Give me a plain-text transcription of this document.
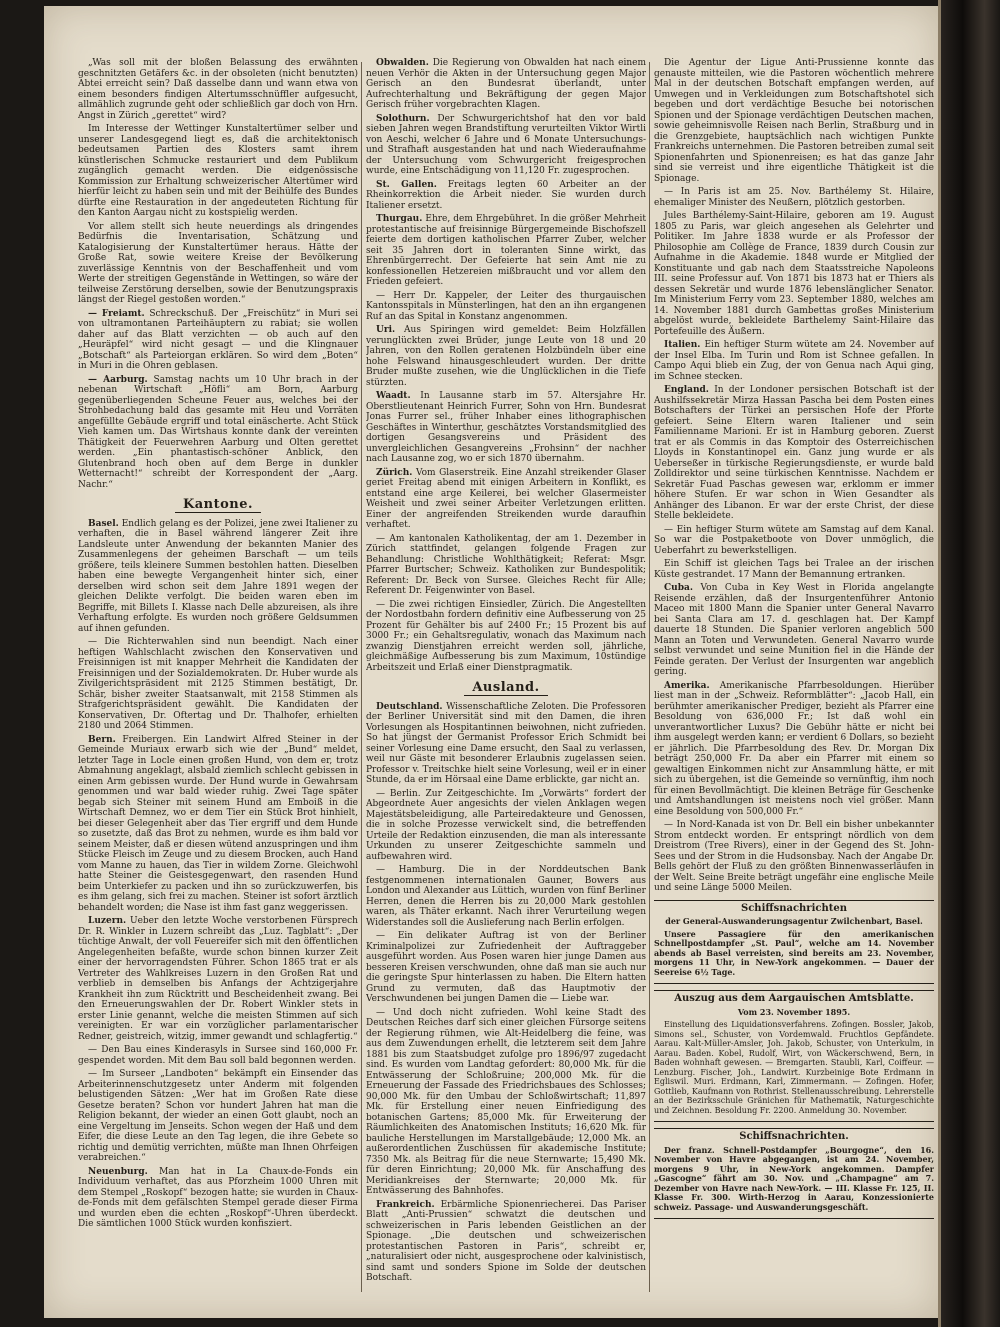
„Was soll mit der bloßen Belassung des erwähnten geschnitzten Getäfers &c. in der obsoleten (nicht benutzten) Abtei erreicht sein? Daß dasselbe dann und wann etwa von einem besonders findigen Altertumsschnüffler aufgesucht, allmählich zugrunde geht oder schließlich gar doch von Hrn. Angst in Zürich „gerettet“ wird?

Im Interesse der Wettinger Kunstaltertümer selber und unserer Landesgegend liegt es, daß die architektonisch bedeutsamen Partien des Klosters samt ihrem künstlerischen Schmucke restauriert und dem Publikum zugänglich gemacht werden. Die eidgenössische Kommission zur Erhaltung schweizerischer Altertümer wird hierfür leicht zu haben sein und mit der Beihülfe des Bundes dürfte eine Restauration in der angedeuteten Richtung für den Kanton Aargau nicht zu kostspielig werden.

Vor allem stellt sich heute neuerdings als dringendes Bedürfnis die Inventarisation, Schätzung und Katalogisierung der Kunstaltertümer heraus. Hätte der Große Rat, sowie weitere Kreise der Bevölkerung zuverlässige Kenntnis von der Beschaffenheit und vom Werte der streitigen Gegenstände in Wettingen, so wäre der teilweise Zerstörung derselben, sowie der Benutzungspraxis längst der Riegel gestoßen worden.“

— Freiamt. Schreckschuß. Der „Freischütz“ in Muri sei von ultramontanen Parteihäuptern zu rabiat; sie wollen daher auf das Blatt verzichten — ob auch auf den „Heuräpfel“ wird nicht gesagt — und die Klingnauer „Botschaft“ als Parteiorgan erklären. So wird dem „Boten“ in Muri in die Ohren geblasen.

— Aarburg. Samstag nachts um 10 Uhr brach in der nebenan Wirtschaft „Höfli“ am Born, Aarburg gegenüberliegenden Scheune Feuer aus, welches bei der Strohbedachung bald das gesamte mit Heu und Vorräten angefüllte Gebäude ergriff und total einäscherte. Acht Stück Vieh kamen um. Das Wirtshaus konnte dank der vereinten Thätigkeit der Feuerwehren Aarburg und Olten gerettet werden. „Ein phantastisch-schöner Anblick, den Glutenbrand hoch oben auf dem Berge in dunkler Wetternacht!“ schreibt der Korrespondent der „Aarg. Nachr.“

Kantone.

Basel. Endlich gelang es der Polizei, jene zwei Italiener zu verhaften, die in Basel während längerer Zeit ihre Landsleute unter Anwendung der bekannten Manier des Zusammenlegens der geheimen Barschaft — um teils größere, teils kleinere Summen bestohlen hatten. Dieselben haben eine bewegte Vergangenheit hinter sich, einer derselben wird schon seit dem Jahre 1891 wegen der gleichen Delikte verfolgt. Die beiden waren eben im Begriffe, mit Billets I. Klasse nach Delle abzureisen, als ihre Verhaftung erfolgte. Es wurden noch größere Geldsummen auf ihnen gefunden.

— Die Richterwahlen sind nun beendigt. Nach einer heftigen Wahlschlacht zwischen den Konservativen und Freisinnigen ist mit knapper Mehrheit die Kandidaten der Freisinnigen und der Sozialdemokraten. Dr. Huber wurde als Zivilgerichtspräsident mit 2125 Stimmen bestätigt, Dr. Schär, bisher zweiter Staatsanwalt, mit 2158 Stimmen als Strafgerichtspräsident gewählt. Die Kandidaten der Konservativen, Dr. Oftertag und Dr. Thalhofer, erhielten 2180 und 2064 Stimmen.

Bern. Freibergen. Ein Landwirt Alfred Steiner in der Gemeinde Muriaux erwarb sich wie der „Bund“ meldet, letzter Tage in Locle einen großen Hund, von dem er, trotz Abmahnung angeklagt, alsbald ziemlich schlecht gebissen in einen Arm gebissen wurde. Der Hund wurde in Gewahrsam genommen und war bald wieder ruhig. Zwei Tage später begab sich Steiner mit seinem Hund am Emboiß in die Wirtschaft Demnez, wo er dem Tier ein Stück Brot hinhielt, bei dieser Gelegenheit aber das Tier ergriff und dem Hunde so zusetzte, daß das Brot zu nehmen, wurde es ihm bald vor seinem Meister, daß er diesen wütend anzuspringen und ihm Stücke Fleisch im Zeuge und zu diesem Brocken, auch Hand vom Manne zu hauen, das Tier in wildem Zorne. Gleichwohl hatte Steiner die Geistesgegenwart, den rasenden Hund beim Unterkiefer zu packen und ihn so zurückzuwerfen, bis es ihm gelang, sich frei zu machen. Steiner ist sofort ärztlich behandelt worden; die Nase ist ihm fast ganz weggerissen.

Luzern. Ueber den letzte Woche verstorbenen Fürsprech Dr. R. Winkler in Luzern schreibt das „Luz. Tagblatt“: „Der tüchtige Anwalt, der voll Feuereifer sich mit den öffentlichen Angelegenheiten befaßte, wurde schon binnen kurzer Zeit einer der hervorragendsten Führer. Schon 1865 trat er als Vertreter des Wahlkreises Luzern in den Großen Rat und verblieb in demselben bis Anfangs der Achtzigerjahre Krankheit ihn zum Rücktritt und Bescheidenheit zwang. Bei den Erneuerungswahlen der Dr. Robert Winkler stets in erster Linie genannt, welche die meisten Stimmen auf sich vereinigten. Er war ein vorzüglicher parlamentarischer Redner, geistreich, witzig, immer gewandt und schlagfertig.“

— Den Bau eines Kinderasyls in Sursee sind 160,000 Fr. gespendet worden. Mit dem Bau soll bald begonnen werden.

— Im Surseer „Landboten“ bekämpft ein Einsender das Arbeiterinnenschutzgesetz unter Anderm mit folgenden belustigenden Sätzen: „Wer hat im Großen Rate diese Gesetze beraten? Schon vor hundert Jahren hat man die Religion bekannt, der wieder an einen Gott glaubt, noch an eine Vergeltung im Jenseits. Schon wegen der Haß und dem Eifer, die diese Leute an den Tag legen, die ihre Gebete so richtig und demütig verrichten, müßte man Ihnen Ohrfeigen verabreichen.“

Neuenburg. Man hat in La Chaux-de-Fonds ein Individuum verhaftet, das aus Pforzheim 1000 Uhren mit dem Stempel „Roskopf“ bezogen hatte; sie wurden in Chaux-de-Fonds mit dem gefälschten Stempel gerade dieser Firma und wurden eben die echten „Roskopf“-Uhren überdeckt. Die sämtlichen 1000 Stück wurden konfisziert.

Obwalden. Die Regierung von Obwalden hat nach einem neuen Verhör die Akten in der Untersuchung gegen Major Gerisch an den Bundesrat überlandt, unter Aufrechterhaltung und Bekräftigung der gegen Major Gerisch früher vorgebrachten Klagen.

Solothurn. Der Schwurgerichtshof hat den vor bald sieben Jahren wegen Brandstiftung verurteilten Viktor Wirtli von Aeschi, welcher 6 Jahre und 6 Monate Untersuchungs- und Strafhaft ausgestanden hat und nach Wiederaufnahme der Untersuchung vom Schwurgericht freigesprochen wurde, eine Entschädigung von 11,120 Fr. zugesprochen.

St. Gallen. Freitags legten 60 Arbeiter an der Rheinkorrektion die Arbeit nieder. Sie wurden durch Italiener ersetzt.

Thurgau. Ehre, dem Ehrgebühret. In die größer Mehrheit protestantische auf freisinnige Bürgergemeinde Bischofszell feierte dem dortigen katholischen Pfarrer Zuber, welcher seit 35 Jahren dort in toleranten Sinne wirkt, das Ehrenbürgerrecht. Der Gefeierte hat sein Amt nie zu konfessionellen Hetzereien mißbraucht und vor allem den Frieden gefeiert.

— Herr Dr. Kappeler, der Leiter des thurgauischen Kantonsspitals in Münsterlingen, hat den an ihn ergangenen Ruf an das Spital in Konstanz angenommen.

Uri. Aus Spiringen wird gemeldet: Beim Holzfällen verunglückten zwei Brüder, junge Leute von 18 und 20 Jahren, von den Rollen geratenen Holzbündeln über eine hohe Felswand hinausgeschleudert wurden. Der dritte Bruder mußte zusehen, wie die Unglücklichen in die Tiefe stürzten.

Waadt. In Lausanne starb im 57. Altersjahre Hr. Oberstlieutenant Heinrich Furrer, Sohn von Hrn. Bundesrat Jonas Furrer sel., früher Inhaber eines lithographischen Geschäftes in Winterthur, geschätztes Vorstandsmitglied des dortigen Gesangsvereins und Präsident des unvergleichlichen Gesangvereins „Frohsinn“ der nachher nach Lausanne zog, wo er sich 1870 übernahm.

Zürich. Vom Glaserstreik. Eine Anzahl streikender Glaser geriet Freitag abend mit einigen Arbeitern in Konflikt, es entstand eine arge Keilerei, bei welcher Glasermeister Weisheit und zwei seiner Arbeiter Verletzungen erlitten. Einer der angreifenden Streikenden wurde daraufhin verhaftet.

— Am kantonalen Katholikentag, der am 1. Dezember in Zürich stattfindet, gelangen folgende Fragen zur Behandlung: Christliche Wohlthätigkeit; Referat: Msgr. Pfarrer Burtscher; Schweiz. Katholiken zur Bundespolitik; Referent: Dr. Beck von Sursee. Gleiches Recht für Alle; Referent Dr. Feigenwinter von Basel.

— Die zwei richtigen Einsiedler, Zürich. Die Angestellten der Nordostbahn fordern definitiv eine Aufbesserung von 25 Prozent für Gehälter bis auf 2400 Fr.; 15 Prozent bis auf 3000 Fr.; ein Gehaltsregulativ, wonach das Maximum nach zwanzig Dienstjahren erreicht werden soll, jährliche, gleichmäßige Aufbesserung bis zum Maximum, 10stündige Arbeitszeit und Erlaß einer Dienstpragmatik.

Ausland.

Deutschland. Wissenschaftliche Zeloten. Die Professoren der Berliner Universität sind mit den Damen, die ihren Vorlesungen als Hospitantinnen beiwohnen, nicht zufrieden. So hat jüngst der Germanist Professor Erich Schmidt bei seiner Vorlesung eine Dame ersucht, den Saal zu verlassen, weil nur Gäste mit besonderer Erlaubnis zugelassen seien. Professor v. Treitschke hielt seine Vorlesung, weil er in einer Stunde, da er im Hörsaal eine Dame erblickte, gar nicht an.

— Berlin. Zur Zeitgeschichte. Im „Vorwärts“ fordert der Abgeordnete Auer angesichts der vielen Anklagen wegen Majestätsbeleidigung, alle Parteiredakteure und Genossen, die in solche Prozesse verwickelt sind, die betreffenden Urteile der Redaktion einzusenden, die man als interessante Urkunden zu unserer Zeitgeschichte sammeln und aufbewahren wird.

— Hamburg. Die in der Norddeutschen Bank festgenommenen internationalen Gauner, Bowers aus London und Alexander aus Lüttich, wurden von fünf Berliner Herren, denen die Herren bis zu 20,000 Mark gestohlen waren, als Thäter erkannt. Nach ihrer Verurteilung wegen Widerstandes soll die Auslieferung nach Berlin erfolgen.

— Ein delikater Auftrag ist von der Berliner Kriminalpolizei zur Zufriedenheit der Auftraggeber ausgeführt worden. Aus Posen waren hier junge Damen aus besseren Kreisen verschwunden, ohne daß man sie auch nur die geringste Spur hinterlassen zu haben. Die Eltern hatten Grund zu vermuten, daß das Hauptmotiv der Verschwundenen bei jungen Damen die — Liebe war.

— Und doch nicht zufrieden. Wohl keine Stadt des Deutschen Reiches darf sich einer gleichen Fürsorge seitens der Regierung rühmen, wie Alt-Heidelberg die feine, was aus dem Zuwendungen erhellt, die letzterem seit dem Jahre 1881 bis zum Staatsbudget zufolge pro 1896/97 zugedacht sind. Es wurden vom Landtag gefordert: 80,000 Mk. für die Entwässerung der Schloßruine; 200,000 Mk. für die Erneuerung der Fassade des Friedrichsbaues des Schlosses; 90,000 Mk. für den Umbau der Schloßwirtschaft; 11,897 Mk. für Erstellung einer neuen Einfriedigung des botanischen Gartens; 85,000 Mk. für Erweiterung der Räumlichkeiten des Anatomischen Instituts; 16,620 Mk. für bauliche Herstellungen im Marstallgebäude; 12,000 Mk. an außerordentlichen Zuschüssen für akademische Institute; 7350 Mk. als Beitrag für die neue Sternwarte; 15,490 Mk. für deren Einrichtung; 20,000 Mk. für Anschaffung des Meridiankreises der Sternwarte; 20,000 Mk. für Entwässerung des Bahnhofes.

Frankreich. Erbärmliche Spionenriecherei. Das Pariser Blatt „Anti-Prussien“ schwatzt die deutschen und schweizerischen in Paris lebenden Geistlichen an der Spionage. „Die deutschen und schweizerischen protestantischen Pastoren in Paris“, schreibt er, „naturalisiert oder nicht, ausgesprochene oder kalvinistisch, sind samt und sonders Spione im Solde der deutschen Botschaft.

Die Agentur der Ligue Anti-Prussienne konnte das genauste mitteilen, wie die Pastoren wöchentlich mehrere Mal in der deutschen Botschaft empfangen werden, auf Umwegen und in Verkleidungen zum Botschaftshotel sich begeben und dort verdächtige Besuche bei notorischen Spionen und der Spionage verdächtigen Deutschen machen, sowie geheimnisvolle Reisen nach Berlin, Straßburg und in die Grenzgebiete, hauptsächlich nach wichtigen Punkte Frankreichs unternehmen. Die Pastoren betreiben zumal seit Spionenfahrten und Spionenreisen; es hat das ganze Jahr sind sie verreist und ihre eigentliche Thätigkeit ist die Spionage.

— In Paris ist am 25. Nov. Barthélemy St. Hilaire, ehemaliger Minister des Neußern, plötzlich gestorben.

Jules Barthélemy-Saint-Hilaire, geboren am 19. August 1805 zu Paris, war gleich angesehen als Gelehrter und Politiker. Im Jahre 1838 wurde er als Professor der Philosophie am Collège de France, 1839 durch Cousin zur Aufnahme in die Akademie. 1848 wurde er Mitglied der Konstituante und gab nach dem Staatsstreiche Napoleons III. seine Professur auf. Von 1871 bis 1873 hat er Thiers als dessen Sekretär und wurde 1876 lebenslänglicher Senator. Im Ministerium Ferry vom 23. September 1880, welches am 14. November 1881 durch Gambettas großes Ministerium abgelöst wurde, bekleidete Barthelemy Saint-Hilaire das Portefeuille des Äußern.

Italien. Ein heftiger Sturm wütete am 24. November auf der Insel Elba. Im Turin und Rom ist Schnee gefallen. In Campo Aqui blieb ein Zug, der von Genua nach Aqui ging, im Schnee stecken.

England. In der Londoner persischen Botschaft ist der Aushilfssekretär Mirza Hassan Pascha bei dem Posten eines Botschafters der Türkei an persischen Hofe der Pforte gefeiert. Seine Eltern waren Italiener und sein Familienname Marioni. Er ist in Hamburg geboren. Zuerst trat er als Commis in das Komptoir des Osterreichischen Lloyds in Konstantinopel ein. Ganz jung wurde er als Ueberseßer in türkische Regierungsdienste, er wurde bald Zolldirektor und seine türkischen Kenntnisse. Nachdem er Sekretär Fuad Paschas gewesen war, erklomm er immer höhere Stufen. Er war schon in Wien Gesandter als Anhänger des Libanon. Er war der erste Christ, der diese Stelle bekleidete.

— Ein heftiger Sturm wütete am Samstag auf dem Kanal. So war die Postpaketboote von Dover unmöglich, die Ueberfahrt zu bewerkstelligen.

Ein Schiff ist gleichen Tags bei Tralee an der irischen Küste gestrandet. 17 Mann der Bemannung ertranken.

Cuba. Von Cuba in Key West in Florida angelangte Reisende erzählen, daß der Insurgentenführer Antonio Maceo mit 1800 Mann die Spanier unter General Navarro bei Santa Clara am 17. d. geschlagen hat. Der Kampf dauerte 18 Stunden. Die Spanier verloren angeblich 500 Mann an Toten und Verwundeten. General Navarro wurde selbst verwundet und seine Munition fiel in die Hände der Feinde geraten. Der Verlust der Insurgenten war angeblich gering.

Amerika. Amerikanische Pfarrbesoldungen. Hierüber liest man in der „Schweiz. Reformblätter“: „Jacob Hall, ein berühmter amerikanischer Prediger, bezieht als Pfarrer eine Besoldung von 636,000 Fr.; Ist daß wohl ein unverantwortlicher Luxus? Die Gebühr hätte er nicht bei ihm ausgelegt werden kann; er verdient 6 Dollars, so bezieht er jährlich. Die Pfarrbesoldung des Rev. Dr. Morgan Dix beträgt 250,000 Fr. Da aber ein Pfarrer mit einem so gewaltigen Einkommen nicht zur Ansammlung hätte, er mit sich zu übergehen, ist die Gemeinde so vernünftig, ihm noch für einen Bevollmächtigt. Die kleinen Beträge für Geschenke und Amtshandlungen ist meistens noch viel größer. Mann eine Besoldung von 500,000 Fr.“

— In Nord-Kanada ist von Dr. Bell ein bisher unbekannter Strom entdeckt worden. Er entspringt nördlich von dem Dreistrom (Tree Rivers), einer in der Gegend des St. John-Sees und der Strom in die Hudsonsbay. Nach der Angabe Dr. Bells gehört der Fluß zu den größten Binnenwasserläufen in der Welt. Seine Breite beträgt ungefähr eine englische Meile und seine Länge 5000 Meilen.

Schiffsnachrichten

der General-Auswanderungsagentur Zwilchenbart, Basel.

Unsere Passagiere für den amerikanischen Schnellpostdampfer „St. Paul“, welche am 14. November abends ab Basel verreisten, sind bereits am 23. November, morgens 11 Uhr, in New-York angekommen. — Dauer der Seereise 6½ Tage.

Auszug aus dem Aargauischen Amtsblatte.

Vom 23. November 1895.

Einstellung des Liquidationsverfahrens. Zofingen. Bossler, Jakob, Simons sel., Schuster, von Vordemwald. Fruchtlos Gepfändete. Aarau. Kalt-Müller-Amsler, Joh. Jakob, Schuster, von Unterkulm, in Aarau. Baden. Kobel, Rudolf, Wirt, von Wäckerschwend, Bern, in Baden wohnhaft gewesen. — Bremgarten. Staubli, Karl, Coiffeur. — Lenzburg. Fischer, Joh., Landwirt. Kurzbeinige Bote Erdmann in Egliswil. Muri. Erdmann, Karl, Zimmermann. — Zofingen. Hofer, Gottlieb, Kaufmann von Rothrist. Stellenausschreibung. Lehrerstelle an der Bezirksschule Gränichen für Mathematik, Naturgeschichte und Zeichnen. Besoldung Fr. 2200. Anmeldung 30. November.

Schiffsnachrichten.

Der franz. Schnell-Postdampfer „Bourgogne“, den 16. November von Havre abgegangen, ist am 24. November, morgens 9 Uhr, in New-York angekommen. Dampfer „Gascogne“ fährt am 30. Nov. und „Champagne“ am 7. Dezember von Havre nach New-York. — III. Klasse Fr. 125, II. Klasse Fr. 300. Wirth-Herzog in Aarau, Konzessionierte schweiz. Passage- und Auswanderungsgeschäft.
